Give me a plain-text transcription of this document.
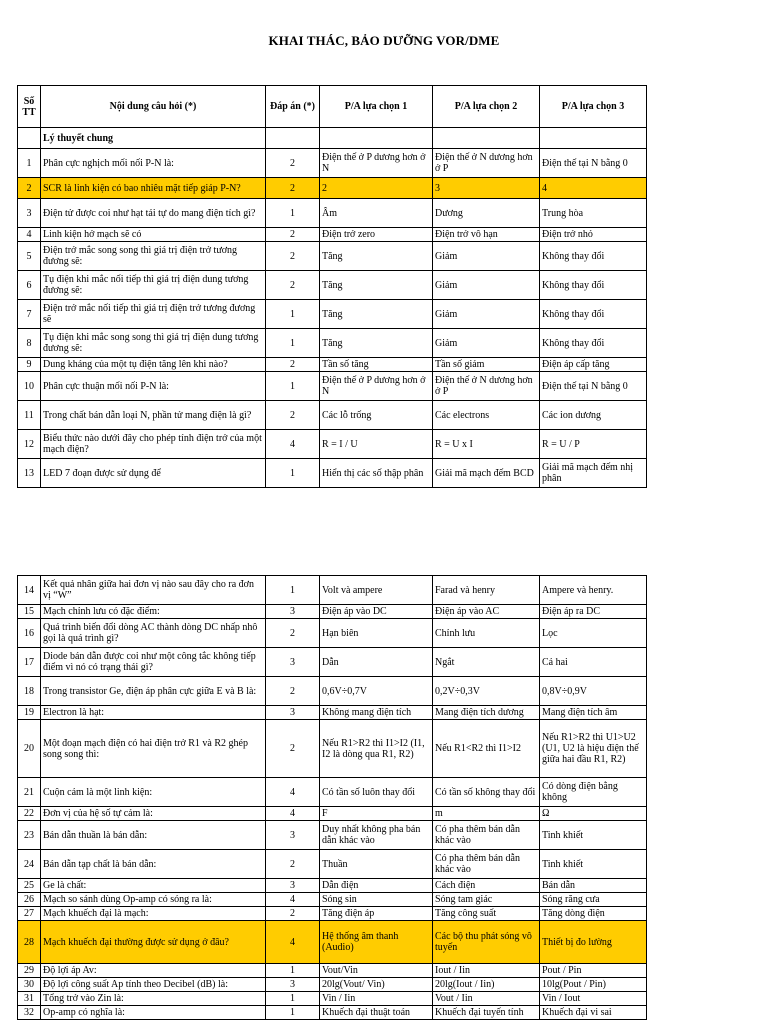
KHAI THÁC, BẢO DƯỠNG VOR/DME
Số TT	Nội dung câu hỏi (*)	Đáp án (*)	P/A lựa chọn 1	P/A lựa chọn 2	P/A lựa chọn 3
	Lý thuyết chung				
1	Phân cực nghịch mối nối P-N là:	2	Điện thế ở P dương hơn ở N	Điện thế ở N dương hơn ở P	Điện thế tại N bằng 0
2	SCR là linh kiện có bao nhiêu mặt tiếp giáp P-N?	2	2	3	4
3	Điện tử được coi như hạt tải tự do mang điện tích gì?	1	Âm	Dương	Trung hòa
4	Linh kiện hở mạch sẽ có	2	Điện trở zero	Điện trở vô hạn	Điện trở nhỏ
5	Điện trở mắc song song thì giá trị điện trở tương đương sẽ:	2	Tăng	Giảm	Không thay đổi
6	Tụ điện khi mắc nối tiếp thì giá trị điện dung tương đương sẽ:	2	Tăng	Giảm	Không thay đổi
7	Điện trở mắc nối tiếp thì giá trị điện trở tương đương sẽ	1	Tăng	Giảm	Không thay đổi
8	Tụ điện khi mắc song song thì giá trị điện dung tương đương sẽ:	1	Tăng	Giảm	Không thay đổi
9	Dung kháng của một tụ điện tăng lên khi nào?	2	Tần số tăng	Tần số giảm	Điện áp cấp tăng
10	Phân cực thuận mối nối P-N là:	1	Điện thế ở P dương hơn ở N	Điện thế ở N dương hơn ở P	Điện thế tại N bằng 0
11	Trong chất bán dẫn loại N, phần tử mang điện là gì?	2	Các lỗ trống	Các electrons	Các ion dương
12	Biểu thức nào dưới đây cho phép tính điện trở của một mạch điện?	4	R = I / U	R = U x I	R = U / P
13	LED 7 đoạn được sử dụng để	1	Hiển thị các số thập phân	Giải mã mạch đếm BCD	Giải mã mạch đếm nhị phân
14	Kết quả nhân giữa hai đơn vị nào sau đây cho ra đơn vị “W”	1	Volt và ampere	Farad và henry	Ampere và henry.
15	Mạch chỉnh lưu có đặc điểm:	3	Điện áp vào DC	Điện áp vào AC	Điện áp ra DC
16	Quá trình biến đổi dòng AC thành dòng DC nhấp nhô gọi là quá trình gì?	2	Hạn biên	Chỉnh lưu	Lọc
17	Diode bán dẫn được coi như một công tắc không tiếp điểm vì nó có trạng thái gì?	3	Dẫn	Ngắt	Cả hai
18	Trong transistor Ge, điện áp phân cực giữa E và B là:	2	0,6V÷0,7V	0,2V÷0,3V	0,8V÷0,9V
19	Electron là hạt:	3	Không mang điện tích	Mang điện tích dương	Mang điện tích âm
20	Một đoạn mạch điện có hai điện trở R1 và R2 ghép song song thì:	2	Nếu R1>R2 thì I1>I2 (I1, I2 là dòng qua R1, R2)	Nếu R1<R2 thì I1>I2	Nếu R1>R2 thì U1>U2 (U1, U2 là hiệu điện thế giữa hai đầu R1, R2)
21	Cuộn cảm là một linh kiện:	4	Có tần số luôn thay đổi	Có tần số không thay đổi	Có dòng điện bằng không
22	Đơn vị của hệ số tự cảm là:	4	F	m	Ω
23	Bán dẫn thuần là bán dẫn:	3	Duy nhất không pha bán dẫn khác vào	Có pha thêm bán dẫn khác vào	Tinh khiết
24	Bán dẫn tạp chất là bán dẫn:	2	Thuần	Có pha thêm bán dẫn khác vào	Tinh khiết
25	Ge là chất:	3	Dẫn điện	Cách điện	Bán dẫn
26	Mạch so sánh dùng Op-amp có sóng ra là:	4	Sóng sin	Sóng tam giác	Sóng răng cưa
27	Mạch khuếch đại là mạch:	2	Tăng điện áp	Tăng công suất	Tăng dòng điện
28	Mạch khuếch đại thường được sử dụng ở đâu?	4	Hệ thống âm thanh (Audio)	Các bộ thu phát sóng vô tuyến	Thiết bị đo lường
29	Độ lợi áp Av:	1	Vout/Vin	Iout / Iin	Pout / Pin
30	Độ lợi công suất Ap tính theo Decibel (dB) là:	3	20lg(Vout/ Vin)	20lg(Iout / Iin)	10lg(Pout / Pin)
31	Tổng trở vào Zin là:	1	Vin / Iin	Vout / Iin	Vin / Iout
32	Op-amp có nghĩa là:	1	Khuếch đại thuật toán	Khuếch đại tuyến tính	Khuếch đại vi sai
